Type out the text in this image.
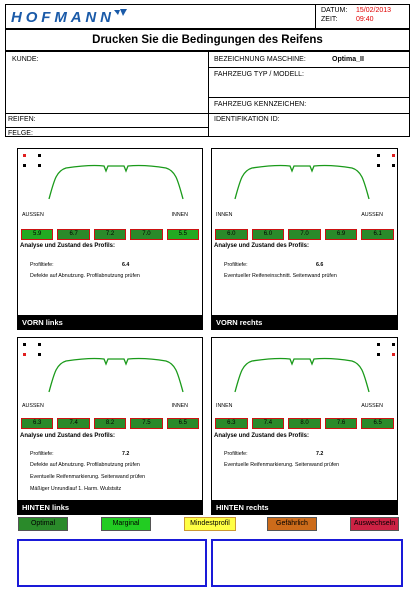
HOFMANN	DATUM: 15/02/2013
ZEIT:	09:40
Drucken Sie die Bedingungen des Reifens
KUNDE:	BEZEICHNUNG MASCHINE:	Optima_II
FAHRZEUG TYP / MODELL:
FAHRZEUG KENNZEICHEN:
REIFEN:	IDENTIFIKATION ID:
FELGE:
AUSSEN	INNEN
5.9	6.7	7.2	7.0	5.5
Analyse und Zustand des Profils:
Profiltiefe:	6.4
Defekte auf Abnutzung. Profilabnutzung prüfen
VORN links
INNEN	AUSSEN
6.0	6.0	7.0	6.9	6.1
Analyse und Zustand des Profils:
Profiltiefe:	6.6
Eventueller Reifeneinschnitt. Seitenwand prüfen
VORN rechts
AUSSEN	INNEN
6.3	7.4	8.2	7.5	6.5
Analyse und Zustand des Profils:
Profiltiefe:	7.2
Defekte auf Abnutzung. Profilabnutzung prüfen
Eventuelle Reifenmarkierung. Seitenwand prüfen
Mäßiger Unrundlauf 1. Harm. Wulstsitz
HINTEN links
INNEN	AUSSEN
6.3	7.4	8.0	7.6	6.5
Analyse und Zustand des Profils:
Profiltiefe:	7.2
Eventuelle Reifenmarkierung. Seitenwand prüfen
HINTEN rechts
Optimal	Marginal	Mindestprofil	Gefährlich	Auswechseln
